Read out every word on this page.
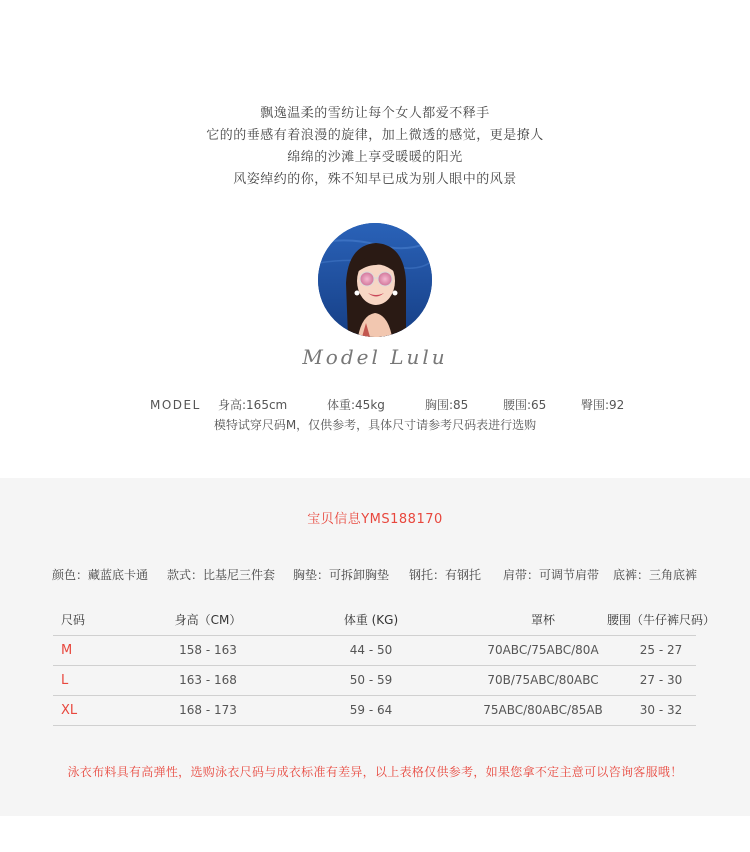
飘逸温柔的雪纺让每个女人都爱不释手
它的的垂感有着浪漫的旋律，加上微透的感觉，更是撩人
绵绵的沙滩上享受暖暖的阳光
风姿绰约的你，殊不知早已成为别人眼中的风景
Model Lulu
MODEL 身高:165cm	体重:45kg	胸围:85	腰围:65	臀围:92
模特试穿尺码M，仅供参考，具体尺寸请参考尺码表进行选购
宝贝信息YMS188170
颜色：藏蓝底卡通 款式：比基尼三件套 胸垫：可拆卸胸垫 钢托：有钢托 肩带：可调节肩带 底裤：三角底裤
尺码	身高（CM）	体重 (KG)	罩杯	腰围（牛仔裤尺码）
M	158 - 163	44 - 50	70ABC/75ABC/80A	25 - 27
L	163 - 168	50 - 59	70B/75ABC/80ABC	27 - 30
XL	168 - 173	59 - 64	75ABC/80ABC/85AB	30 - 32
泳衣布料具有高弹性，选购泳衣尺码与成衣标准有差异，以上表格仅供参考，如果您拿不定主意可以咨询客服哦！
